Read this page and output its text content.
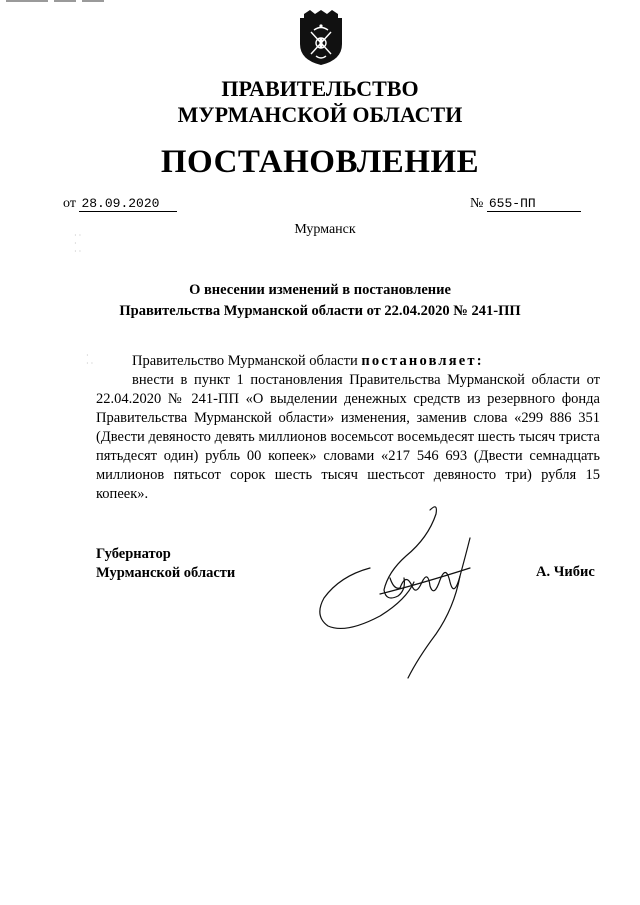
ПРАВИТЕЛЬСТВО
МУРМАНСКОЙ ОБЛАСТИ
ПОСТАНОВЛЕНИЕ
от 28.09.2020	№ 655-ПП
Мурманск
О внесении изменений в постановление
Правительства Мурманской области от 22.04.2020 № 241-ПП

Правительство Мурманской области постановляет:

внести в пункт 1 постановления Правительства Мурманской области от 22.04.2020 № 241-ПП «О выделении денежных средств из резервного фонда Правительства Мурманской области» изменения, заменив слова «299 886 351 (Двести девяносто девять миллионов восемьсот восемьдесят шесть тысяч триста пятьдесят один) рубль 00 копеек» словами «217 546 693 (Двести семнадцать миллионов пятьсот сорок шесть тысяч шестьсот девяносто три) рубля 15 копеек».

Губернатор
Мурманской области	А. Чибис
· ·
·
· ·
·
· ·
